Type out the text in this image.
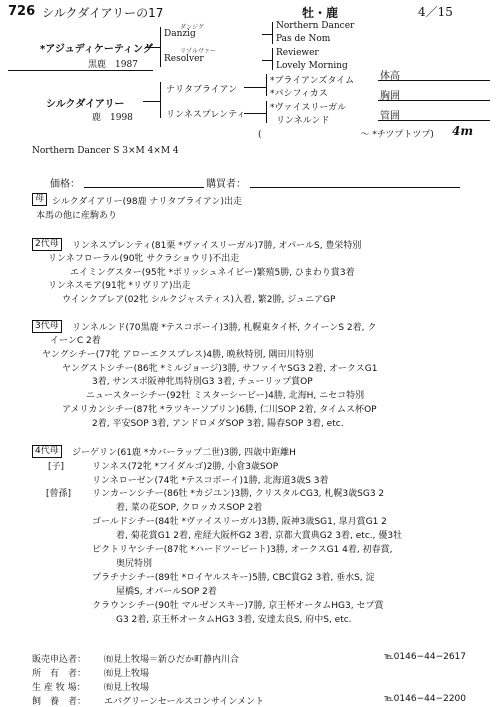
726 シルクダイアリーの17	牡・鹿	4／15
*アジュディケーティング
黒鹿　1987
ダンジグ
Danzig
リゾルヴァー
Resolver
Northern Dancer
Pas de Nom
Reviewer
Lovely Morning
シルクダイアリー
鹿　1998
ナリタブライアン
リンネスプレンティ
*ブライアンズタイム
*パシフィカス
*ヴァイスリーガル
リンネルンド
(　　　　　　　　　　　〜 *チツプトツプ) 4m
体高
胸囲
管囲
Northern Dancer S 3×M 4×M 4
価格：	購買者：
母 シルクダイアリー(98鹿 ナリタブライアン)出走
本馬の他に産駒あり
2代母	リンネスプレンティ(81栗 *ヴァイスリーガル)7勝, オパールS, 豊栄特別
リンネフローラル(90牝 サクラショウリ)不出走
エイミングスター(95牝 *ポリッシュネイビー)繁殖5勝, ひまわり賞3着
リンネスモア(91牝 *リヴリア)出走
ウインクブレア(02牝 シルクジャスティス)入着, 繁2勝, ジュニアGP
3代母	リンネルンド(70黒鹿 *テスコボーイ)3勝, 札幌東タイ杯, クイーンS 2着, ク
イーンC 2着
ヤングシチー(77牝 アローエクスプレス)4勝, 晩秋特別, 隅田川特別
ヤングストシチー(86牝 *ミルジョージ)3勝, サファイヤSG3 2着, オークスG1
3着, サンスポ阪神牝馬特別G3 3着, チューリップ賞OP
ニュースターシチー(92牡 ミスターシービー)4勝, 北海H, ニセコ特別
アメリカンシチー(87牝 *ラツキーソブリン)6勝, 仁川SOP 2着, タイムス杯OP
2着, 平安SOP 3着, アンドロメダSOP 3着, 陽春SOP 3着, etc.
4代母	ジーゲリン(61鹿 *カバーラップ二世)3勝, 四歳中距離H
[子]	リンネス(72牝 *フイダルゴ)2勝, 小倉3歳SOP
リンネローゼン(74牝 *テスコボーイ)1勝, 北海道3歳S 3着
[曾孫] リンカーンシチー(86牡 *カジユン)3勝, クリスタルCG3, 札幌3歳SG3 2
着, 菜の花SOP, クロッカスSOP 2着
ゴールドシチー(84牡 *ヴァイスリーガル)3勝, 阪神3歳SG1, 皐月賞G1 2
着, 菊花賞G1 2着, 産経大阪杯G2 3着, 京都大賞典G2 3着, etc., 優3牡
ピクトリヤシチー(87牝 *ハードツービート)3勝, オークスG1 4着, 初春賞,
奥尻特別
プラチナシチー(89牡 *ロイヤルスキー)5勝, CBC賞G2 3着, 垂水S, 淀
屋橋S, オパールSOP 2着
クラウンシチー(90牡 マルゼンスキー)7勝, 京王杯オータムHG3, セプ賞
G3 2着, 京王杯オータムHG3 3着, 安達太良S, 府中S, etc.
販売申込者： ㈲見上牧場＝新ひだか町静内川合	℡0146−44−2617
所　有　者： ㈲見上牧場
生 産 牧 場： ㈲見上牧場
飼　養　者： エバグリーンセールスコンサインメント	℡0146−44−2200
